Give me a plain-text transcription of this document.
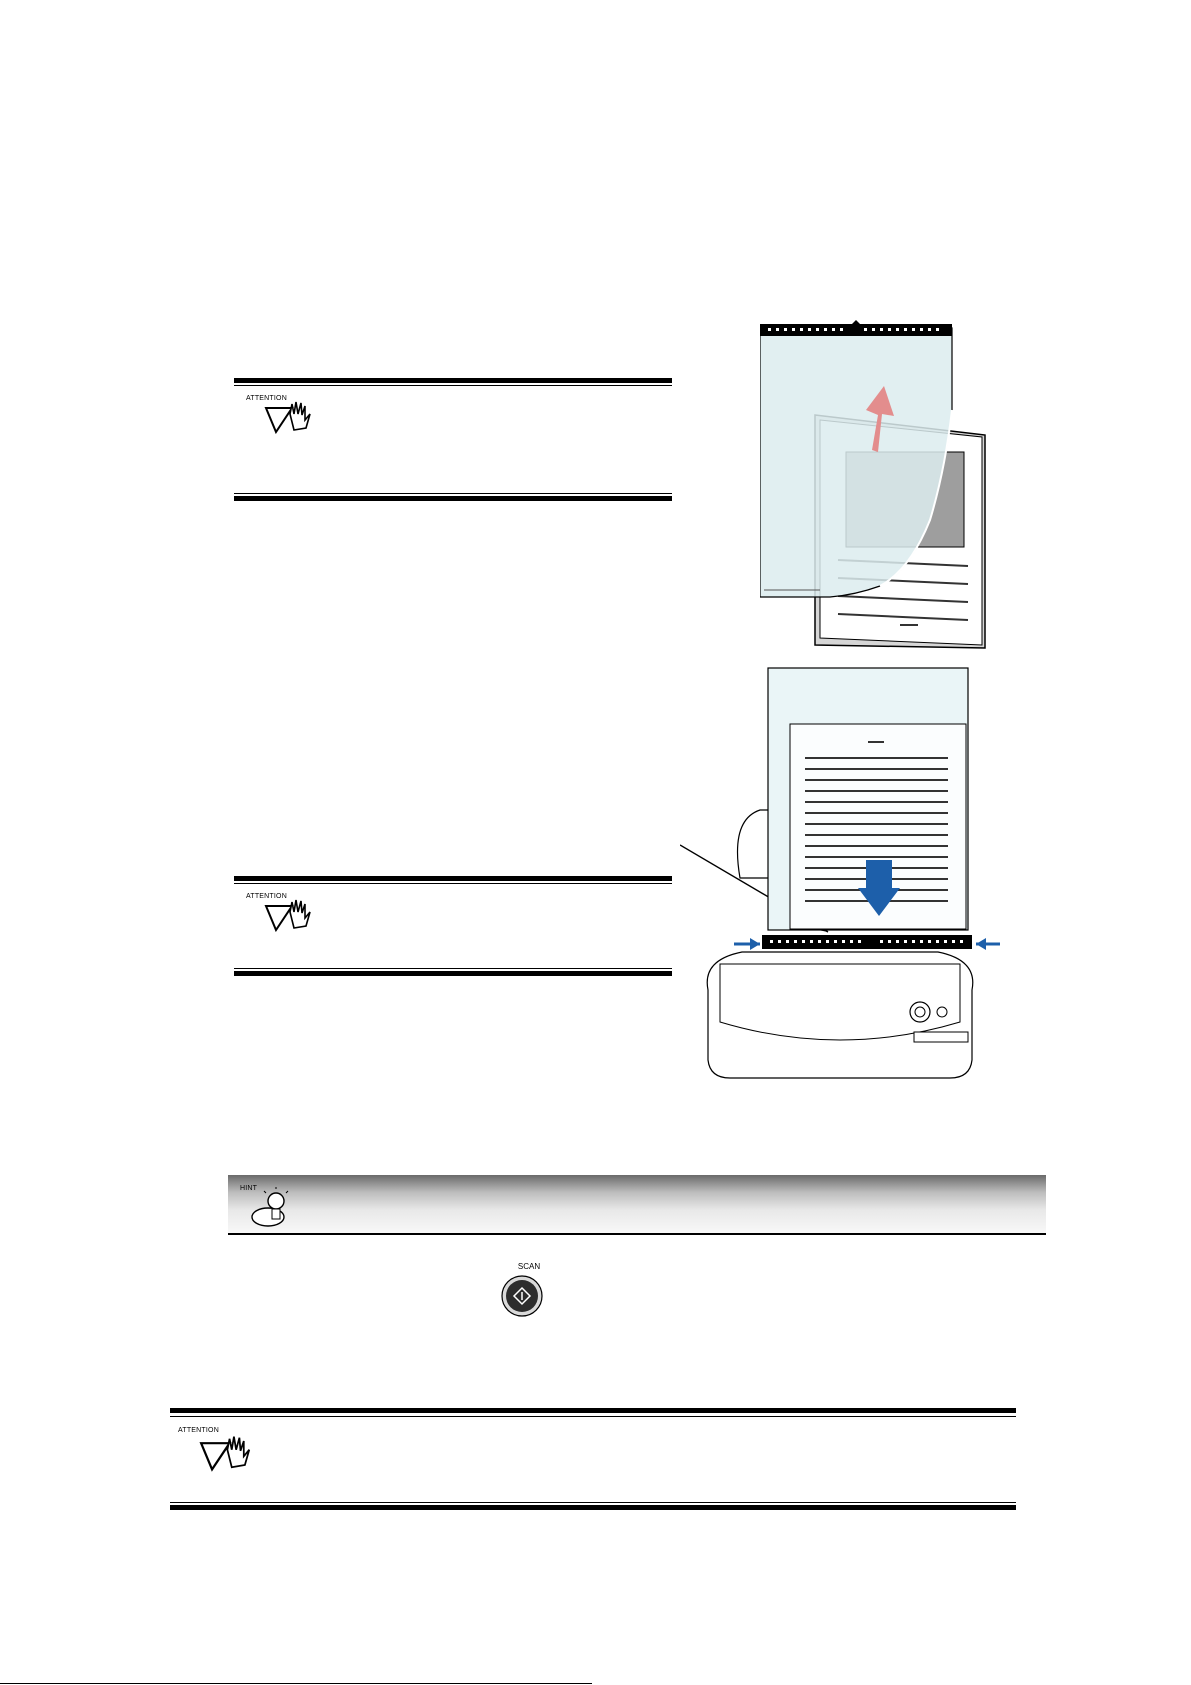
ATTENTION
ATTENTION
HINT
SCAN
ATTENTION
